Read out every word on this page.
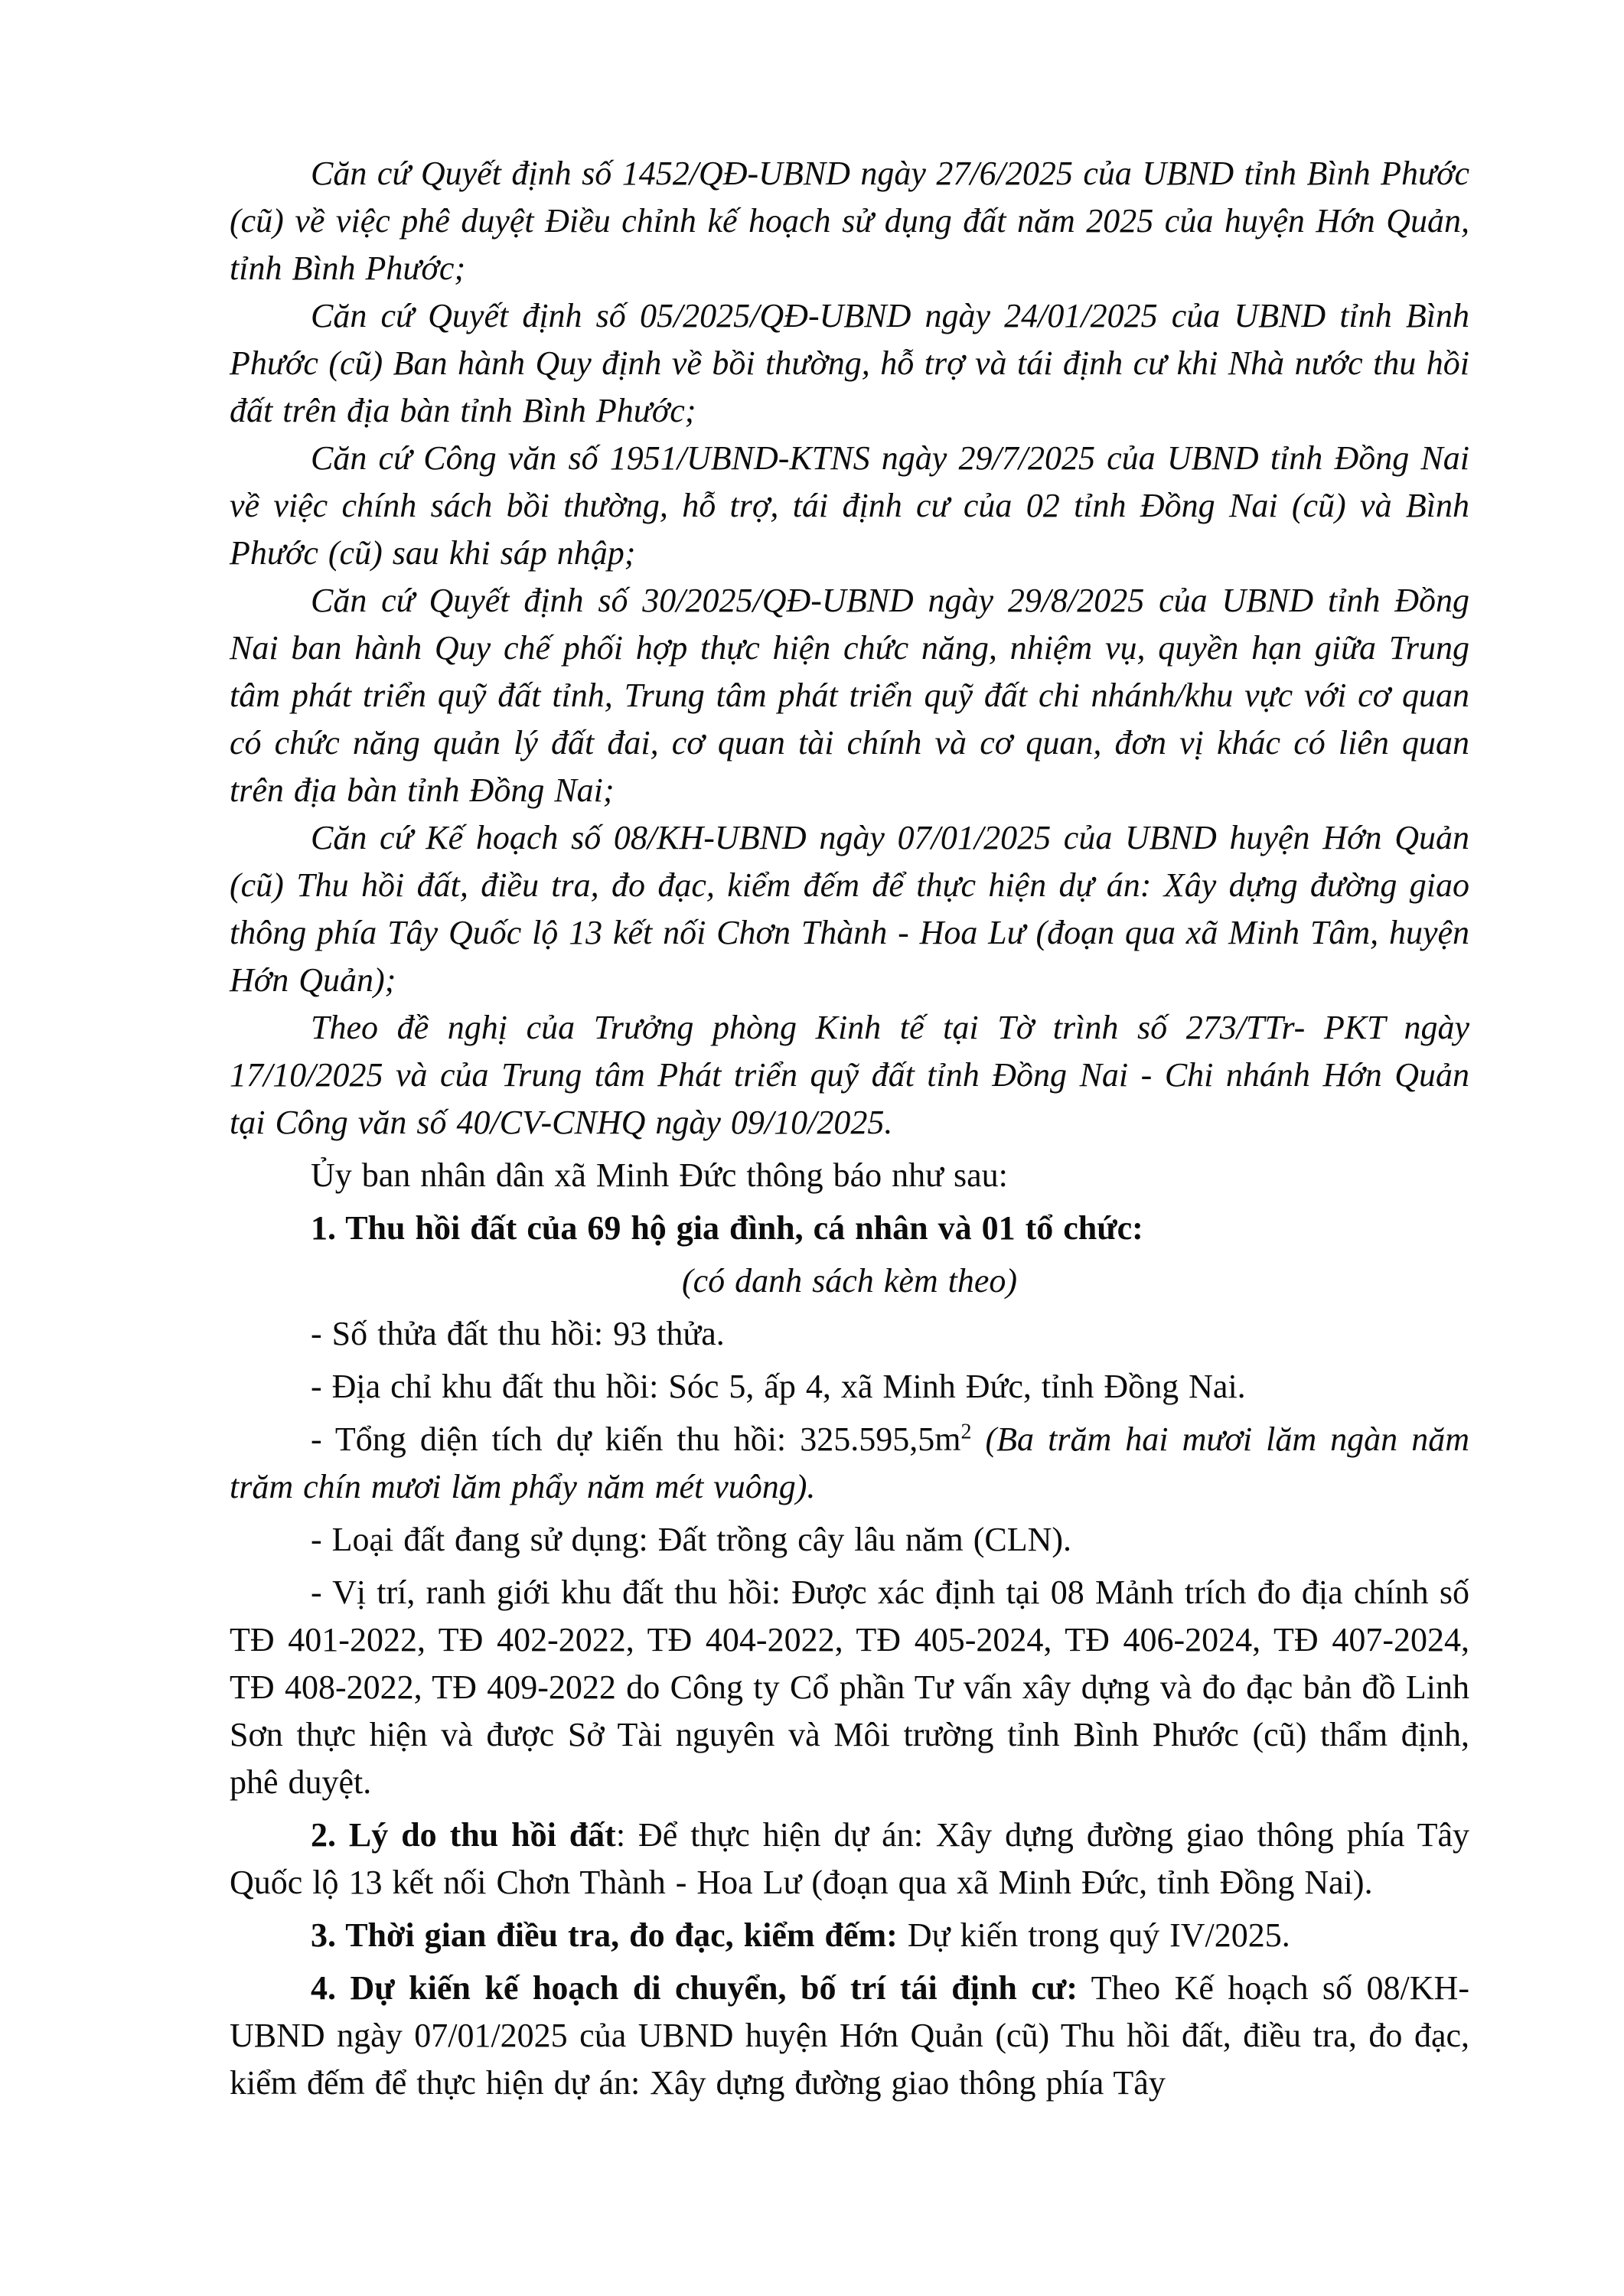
Căn cứ Quyết định số 1452/QĐ-UBND ngày 27/6/2025 của UBND tỉnh Bình Phước (cũ) về việc phê duyệt Điều chỉnh kế hoạch sử dụng đất năm 2025 của huyện Hớn Quản, tỉnh Bình Phước;

Căn cứ Quyết định số 05/2025/QĐ-UBND ngày 24/01/2025 của UBND tỉnh Bình Phước (cũ) Ban hành Quy định về bồi thường, hỗ trợ và tái định cư khi Nhà nước thu hồi đất trên địa bàn tỉnh Bình Phước;

Căn cứ Công văn số 1951/UBND-KTNS ngày 29/7/2025 của UBND tỉnh Đồng Nai về việc chính sách bồi thường, hỗ trợ, tái định cư của 02 tỉnh Đồng Nai (cũ) và Bình Phước (cũ) sau khi sáp nhập;

Căn cứ Quyết định số 30/2025/QĐ-UBND ngày 29/8/2025 của UBND tỉnh Đồng Nai ban hành Quy chế phối hợp thực hiện chức năng, nhiệm vụ, quyền hạn giữa Trung tâm phát triển quỹ đất tỉnh, Trung tâm phát triển quỹ đất chi nhánh/khu vực với cơ quan có chức năng quản lý đất đai, cơ quan tài chính và cơ quan, đơn vị khác có liên quan trên địa bàn tỉnh Đồng Nai;

Căn cứ Kế hoạch số 08/KH-UBND ngày 07/01/2025 của UBND huyện Hớn Quản (cũ) Thu hồi đất, điều tra, đo đạc, kiểm đếm để thực hiện dự án: Xây dựng đường giao thông phía Tây Quốc lộ 13 kết nối Chơn Thành - Hoa Lư (đoạn qua xã Minh Tâm, huyện Hớn Quản);

Theo đề nghị của Trưởng phòng Kinh tế tại Tờ trình số 273/TTr- PKT ngày 17/10/2025 và của Trung tâm Phát triển quỹ đất tỉnh Đồng Nai - Chi nhánh Hớn Quản tại Công văn số 40/CV-CNHQ ngày 09/10/2025.

Ủy ban nhân dân xã Minh Đức thông báo như sau:

1. Thu hồi đất của 69 hộ gia đình, cá nhân và 01 tổ chức:

(có danh sách kèm theo)

- Số thửa đất thu hồi: 93 thửa.

- Địa chỉ khu đất thu hồi: Sóc 5, ấp 4, xã Minh Đức, tỉnh Đồng Nai.

- Tổng diện tích dự kiến thu hồi: $325.595,5m^2$ (Ba trăm hai mươi lăm ngàn năm trăm chín mươi lăm phẩy năm mét vuông).

- Loại đất đang sử dụng: Đất trồng cây lâu năm (CLN).

- Vị trí, ranh giới khu đất thu hồi: Được xác định tại 08 Mảnh trích đo địa chính số TĐ 401-2022, TĐ 402-2022, TĐ 404-2022, TĐ 405-2024, TĐ 406-2024, TĐ 407-2024, TĐ 408-2022, TĐ 409-2022 do Công ty Cổ phần Tư vấn xây dựng và đo đạc bản đồ Linh Sơn thực hiện và được Sở Tài nguyên và Môi trường tỉnh Bình Phước (cũ) thẩm định, phê duyệt.

2. Lý do thu hồi đất: Để thực hiện dự án: Xây dựng đường giao thông phía Tây Quốc lộ 13 kết nối Chơn Thành - Hoa Lư (đoạn qua xã Minh Đức, tỉnh Đồng Nai).

3. Thời gian điều tra, đo đạc, kiểm đếm: Dự kiến trong quý IV/2025.

4. Dự kiến kế hoạch di chuyển, bố trí tái định cư: Theo Kế hoạch số 08/KH-UBND ngày 07/01/2025 của UBND huyện Hớn Quản (cũ) Thu hồi đất, điều tra, đo đạc, kiểm đếm để thực hiện dự án: Xây dựng đường giao thông phía Tây
